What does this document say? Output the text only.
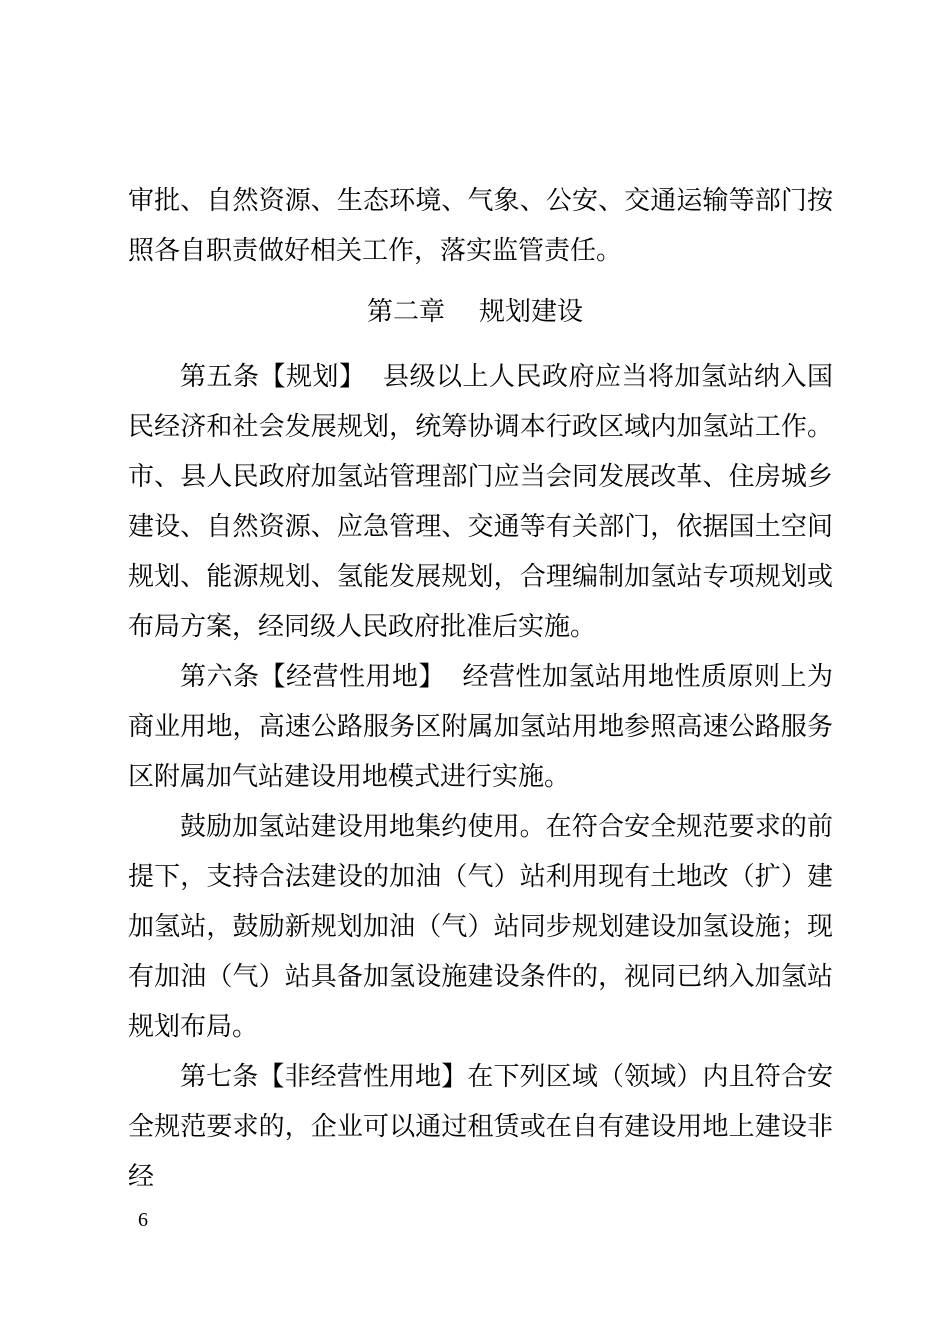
审批、自然资源、生态环境、气象、公安、交通运输等部门按照各自职责做好相关工作，落实监管责任。

第二章 规划建设

第五条【规划】 县级以上人民政府应当将加氢站纳入国民经济和社会发展规划，统筹协调本行政区域内加氢站工作。市、县人民政府加氢站管理部门应当会同发展改革、住房城乡建设、自然资源、应急管理、交通等有关部门，依据国土空间规划、能源规划、氢能发展规划，合理编制加氢站专项规划或布局方案，经同级人民政府批准后实施。

第六条【经营性用地】 经营性加氢站用地性质原则上为商业用地，高速公路服务区附属加氢站用地参照高速公路服务区附属加气站建设用地模式进行实施。

鼓励加氢站建设用地集约使用。在符合安全规范要求的前提下，支持合法建设的加油（气）站利用现有土地改（扩）建加氢站，鼓励新规划加油（气）站同步规划建设加氢设施；现有加油（气）站具备加氢设施建设条件的，视同已纳入加氢站规划布局。

第七条【非经营性用地】在下列区域（领域）内且符合安全规范要求的，企业可以通过租赁或在自有建设用地上建设非经

6
